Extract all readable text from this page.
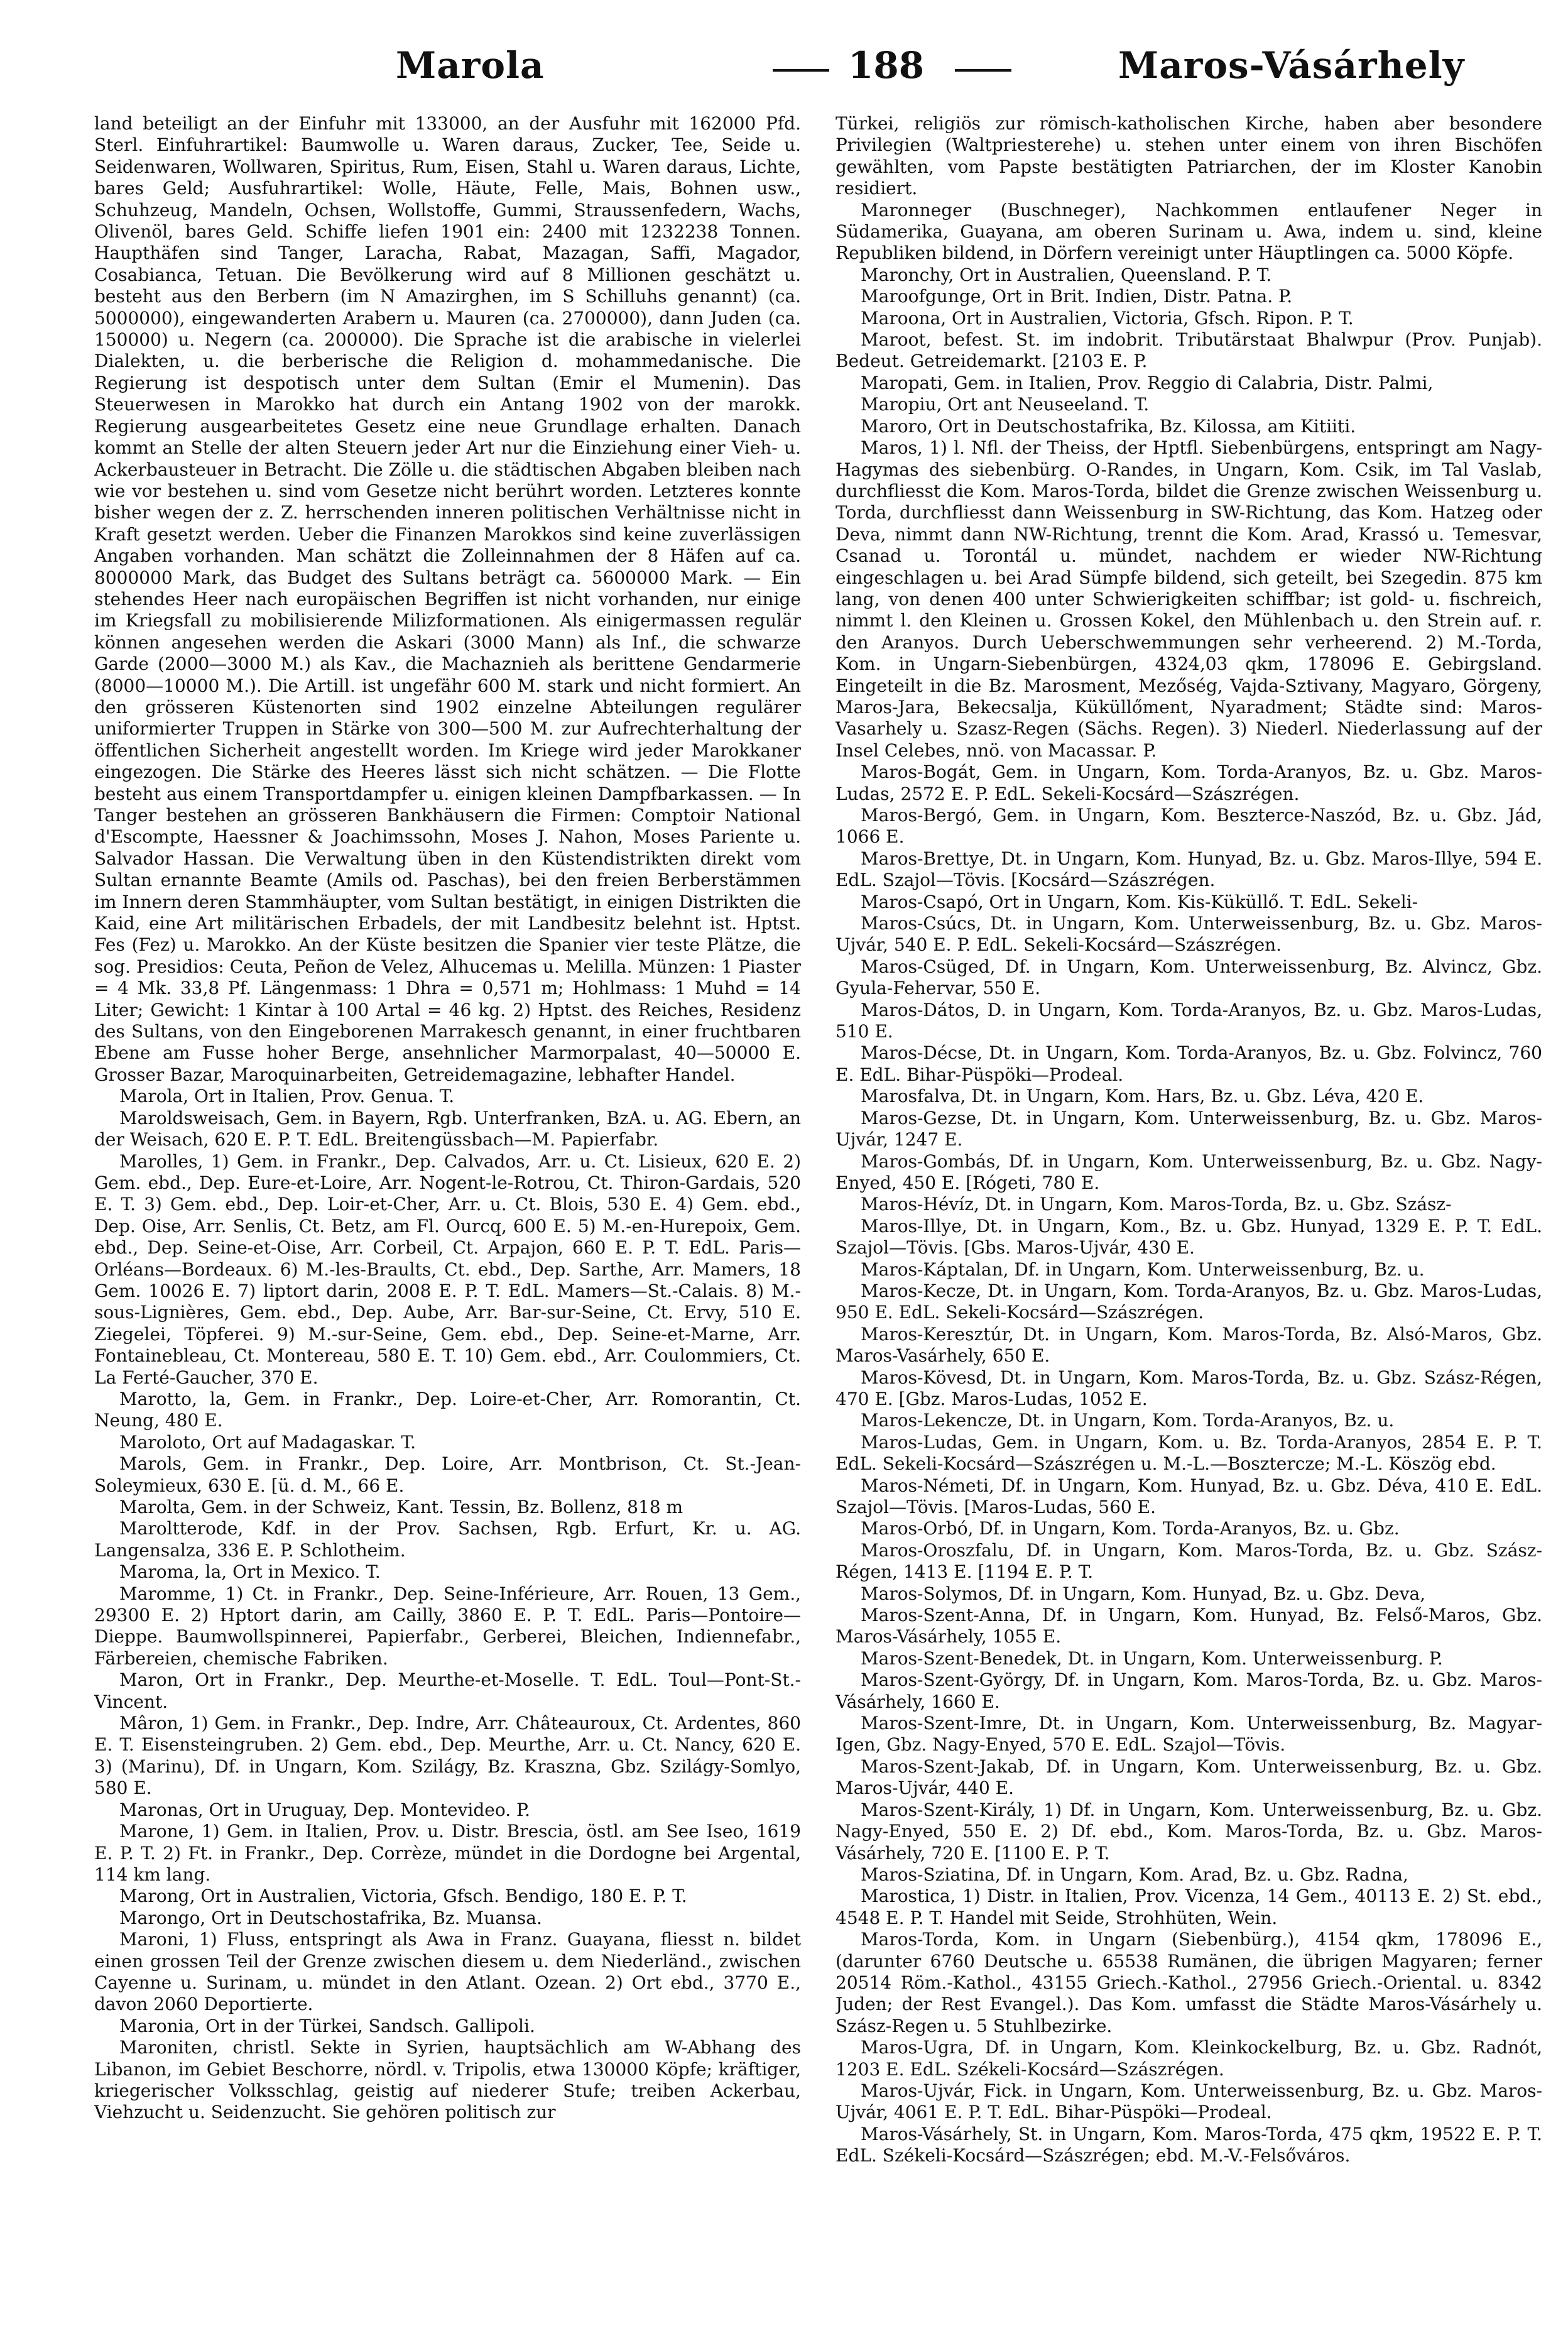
Marola	188	Maros-Vásárhely

land beteiligt an der Einfuhr mit 133000, an der Ausfuhr mit 162000 Pfd. Sterl. Einfuhrartikel: Baumwolle u. Waren daraus, Zucker, Tee, Seide u. Seidenwaren, Wollwaren, Spiritus, Rum, Eisen, Stahl u. Waren daraus, Lichte, bares Geld; Ausfuhrartikel: Wolle, Häute, Felle, Mais, Bohnen usw., Schuhzeug, Mandeln, Ochsen, Wollstoffe, Gummi, Straussenfedern, Wachs, Olivenöl, bares Geld. Schiffe liefen 1901 ein: 2400 mit 1232238 Tonnen. Haupthäfen sind Tanger, Laracha, Rabat, Mazagan, Saffi, Magador, Cosabianca, Tetuan. Die Bevölkerung wird auf 8 Millionen geschätzt u. besteht aus den Berbern (im N Amazirghen, im S Schilluhs genannt) (ca. 5000000), eingewanderten Arabern u. Mauren (ca. 2700000), dann Juden (ca. 150000) u. Negern (ca. 200000). Die Sprache ist die arabische in vielerlei Dialekten, u. die berberische die Religion d. mohammedanische. Die Regierung ist despotisch unter dem Sultan (Emir el Mumenin). Das Steuerwesen in Marokko hat durch ein Antang 1902 von der marokk. Regierung ausgearbeitetes Gesetz eine neue Grundlage erhalten. Danach kommt an Stelle der alten Steuern jeder Art nur die Einziehung einer Vieh- u. Ackerbausteuer in Betracht. Die Zölle u. die städtischen Abgaben bleiben nach wie vor bestehen u. sind vom Gesetze nicht berührt worden. Letzteres konnte bisher wegen der z. Z. herrschenden inneren politischen Verhältnisse nicht in Kraft gesetzt werden. Ueber die Finanzen Marokkos sind keine zuverlässigen Angaben vorhanden. Man schätzt die Zolleinnahmen der 8 Häfen auf ca. 8000000 Mark, das Budget des Sultans beträgt ca. 5600000 Mark. — Ein stehendes Heer nach europäischen Begriffen ist nicht vorhanden, nur einige im Kriegsfall zu mobilisierende Milizformationen. Als einigermassen regulär können angesehen werden die Askari (3000 Mann) als Inf., die schwarze Garde (2000—3000 M.) als Kav., die Machaznieh als berittene Gendarmerie (8000—10000 M.). Die Artill. ist ungefähr 600 M. stark und nicht formiert. An den grösseren Küstenorten sind 1902 einzelne Abteilungen regulärer uniformierter Truppen in Stärke von 300—500 M. zur Aufrechterhaltung der öffentlichen Sicherheit angestellt worden. Im Kriege wird jeder Marokkaner eingezogen. Die Stärke des Heeres lässt sich nicht schätzen. — Die Flotte besteht aus einem Transportdampfer u. einigen kleinen Dampfbarkassen. — In Tanger bestehen an grösseren Bankhäusern die Firmen: Comptoir National d'Escompte, Haessner & Joachimssohn, Moses J. Nahon, Moses Pariente u. Salvador Hassan. Die Verwaltung üben in den Küstendistrikten direkt vom Sultan ernannte Beamte (Amils od. Paschas), bei den freien Berberstämmen im Innern deren Stammhäupter, vom Sultan bestätigt, in einigen Distrikten die Kaid, eine Art militärischen Erbadels, der mit Landbesitz belehnt ist. Hptst. Fes (Fez) u. Marokko. An der Küste besitzen die Spanier vier teste Plätze, die sog. Presidios: Ceuta, Peñon de Velez, Alhucemas u. Melilla. Münzen: 1 Piaster = 4 Mk. 33,8 Pf. Längenmass: 1 Dhra = 0,571 m; Hohlmass: 1 Muhd = 14 Liter; Gewicht: 1 Kintar à 100 Artal = 46 kg. 2) Hptst. des Reiches, Residenz des Sultans, von den Eingeborenen Marrakesch genannt, in einer fruchtbaren Ebene am Fusse hoher Berge, ansehnlicher Marmorpalast, 40—50000 E. Grosser Bazar, Maroquinarbeiten, Getreidemagazine, lebhafter Handel.

Marola, Ort in Italien, Prov. Genua. T.

Maroldsweisach, Gem. in Bayern, Rgb. Unterfranken, BzA. u. AG. Ebern, an der Weisach, 620 E. P. T. EdL. Breitengüssbach—M. Papierfabr.

Marolles, 1) Gem. in Frankr., Dep. Calvados, Arr. u. Ct. Lisieux, 620 E. 2) Gem. ebd., Dep. Eure-et-Loire, Arr. Nogent-le-Rotrou, Ct. Thiron-Gardais, 520 E. T. 3) Gem. ebd., Dep. Loir-et-Cher, Arr. u. Ct. Blois, 530 E. 4) Gem. ebd., Dep. Oise, Arr. Senlis, Ct. Betz, am Fl. Ourcq, 600 E. 5) M.-en-Hurepoix, Gem. ebd., Dep. Seine-et-Oise, Arr. Corbeil, Ct. Arpajon, 660 E. P. T. EdL. Paris—Orléans—Bordeaux. 6) M.-les-Braults, Ct. ebd., Dep. Sarthe, Arr. Mamers, 18 Gem. 10026 E. 7) liptort darin, 2008 E. P. T. EdL. Mamers—St.-Calais. 8) M.-sous-Lignières, Gem. ebd., Dep. Aube, Arr. Bar-sur-Seine, Ct. Ervy, 510 E. Ziegelei, Töpferei. 9) M.-sur-Seine, Gem. ebd., Dep. Seine-et-Marne, Arr. Fontainebleau, Ct. Montereau, 580 E. T. 10) Gem. ebd., Arr. Coulommiers, Ct. La Ferté-Gaucher, 370 E.

Marotto, la, Gem. in Frankr., Dep. Loire-et-Cher, Arr. Romorantin, Ct. Neung, 480 E.

Maroloto, Ort auf Madagaskar. T.

Marols, Gem. in Frankr., Dep. Loire, Arr. Montbrison, Ct. St.-Jean-Soleymieux, 630 E. [ü. d. M., 66 E.

Marolta, Gem. in der Schweiz, Kant. Tessin, Bz. Bollenz, 818 m

Maroltterode, Kdf. in der Prov. Sachsen, Rgb. Erfurt, Kr. u. AG. Langensalza, 336 E. P. Schlotheim.

Maroma, la, Ort in Mexico. T.

Maromme, 1) Ct. in Frankr., Dep. Seine-Inférieure, Arr. Rouen, 13 Gem., 29300 E. 2) Hptort darin, am Cailly, 3860 E. P. T. EdL. Paris—Pontoire—Dieppe. Baumwollspinnerei, Papierfabr., Gerberei, Bleichen, Indiennefabr., Färbereien, chemische Fabriken.

Maron, Ort in Frankr., Dep. Meurthe-et-Moselle. T. EdL. Toul—Pont-St.-Vincent.

Mâron, 1) Gem. in Frankr., Dep. Indre, Arr. Châteauroux, Ct. Ardentes, 860 E. T. Eisensteingruben. 2) Gem. ebd., Dep. Meurthe, Arr. u. Ct. Nancy, 620 E. 3) (Marinu), Df. in Ungarn, Kom. Szilágy, Bz. Kraszna, Gbz. Szilágy-Somlyo, 580 E.

Maronas, Ort in Uruguay, Dep. Montevideo. P.

Marone, 1) Gem. in Italien, Prov. u. Distr. Brescia, östl. am See Iseo, 1619 E. P. T. 2) Ft. in Frankr., Dep. Corrèze, mündet in die Dordogne bei Argental, 114 km lang.

Marong, Ort in Australien, Victoria, Gfsch. Bendigo, 180 E. P. T.

Marongo, Ort in Deutschostafrika, Bz. Muansa.

Maroni, 1) Fluss, entspringt als Awa in Franz. Guayana, fliesst n. bildet einen grossen Teil der Grenze zwischen diesem u. dem Niederländ., zwischen Cayenne u. Surinam, u. mündet in den Atlant. Ozean. 2) Ort ebd., 3770 E., davon 2060 Deportierte.

Maronia, Ort in der Türkei, Sandsch. Gallipoli.

Maroniten, christl. Sekte in Syrien, hauptsächlich am W-Abhang des Libanon, im Gebiet Beschorre, nördl. v. Tripolis, etwa 130000 Köpfe; kräftiger, kriegerischer Volksschlag, geistig auf niederer Stufe; treiben Ackerbau, Viehzucht u. Seidenzucht. Sie gehören politisch zur

Türkei, religiös zur römisch-katholischen Kirche, haben aber besondere Privilegien (Waltpriesterehe) u. stehen unter einem von ihren Bischöfen gewählten, vom Papste bestätigten Patriarchen, der im Kloster Kanobin residiert.

Maronneger (Buschneger), Nachkommen entlaufener Neger in Südamerika, Guayana, am oberen Surinam u. Awa, indem u. sind, kleine Republiken bildend, in Dörfern vereinigt unter Häuptlingen ca. 5000 Köpfe.

Maronchy, Ort in Australien, Queensland. P. T.

Maroofgunge, Ort in Brit. Indien, Distr. Patna. P.

Maroona, Ort in Australien, Victoria, Gfsch. Ripon. P. T.

Maroot, befest. St. im indobrit. Tributärstaat Bhalwpur (Prov. Punjab). Bedeut. Getreidemarkt. [2103 E. P.

Maropati, Gem. in Italien, Prov. Reggio di Calabria, Distr. Palmi,

Maropiu, Ort ant Neuseeland. T.

Maroro, Ort in Deutschostafrika, Bz. Kilossa, am Kitiiti.

Maros, 1) l. Nfl. der Theiss, der Hptfl. Siebenbürgens, entspringt am Nagy-Hagymas des siebenbürg. O-Randes, in Ungarn, Kom. Csik, im Tal Vaslab, durchfliesst die Kom. Maros-Torda, bildet die Grenze zwischen Weissenburg u. Torda, durchfliesst dann Weissenburg in SW-Richtung, das Kom. Hatzeg oder Deva, nimmt dann NW-Richtung, trennt die Kom. Arad, Krassó u. Temesvar, Csanad u. Torontál u. mündet, nachdem er wieder NW-Richtung eingeschlagen u. bei Arad Sümpfe bildend, sich geteilt, bei Szegedin. 875 km lang, von denen 400 unter Schwierigkeiten schiffbar; ist gold- u. fischreich, nimmt l. den Kleinen u. Grossen Kokel, den Mühlenbach u. den Strein auf. r. den Aranyos. Durch Ueberschwemmungen sehr verheerend. 2) M.-Torda, Kom. in Ungarn-Siebenbürgen, 4324,03 qkm, 178096 E. Gebirgsland. Eingeteilt in die Bz. Marosment, Mezőség, Vajda-Sztivany, Magyaro, Görgeny, Maros-Jara, Bekecsalja, Küküllőment, Nyaradment; Städte sind: Maros-Vasarhely u. Szasz-Regen (Sächs. Regen). 3) Niederl. Niederlassung auf der Insel Celebes, nnö. von Macassar. P.

Maros-Bogát, Gem. in Ungarn, Kom. Torda-Aranyos, Bz. u. Gbz. Maros-Ludas, 2572 E. P. EdL. Sekeli-Kocsárd—Szászrégen.

Maros-Bergó, Gem. in Ungarn, Kom. Beszterce-Naszód, Bz. u. Gbz. Jád, 1066 E.

Maros-Brettye, Dt. in Ungarn, Kom. Hunyad, Bz. u. Gbz. Maros-Illye, 594 E. EdL. Szajol—Tövis. [Kocsárd—Szászrégen.

Maros-Csapó, Ort in Ungarn, Kom. Kis-Küküllő. T. EdL. Sekeli-

Maros-Csúcs, Dt. in Ungarn, Kom. Unterweissenburg, Bz. u. Gbz. Maros-Ujvár, 540 E. P. EdL. Sekeli-Kocsárd—Szászrégen.

Maros-Csüged, Df. in Ungarn, Kom. Unterweissenburg, Bz. Alvincz, Gbz. Gyula-Fehervar, 550 E.

Maros-Dátos, D. in Ungarn, Kom. Torda-Aranyos, Bz. u. Gbz. Maros-Ludas, 510 E.

Maros-Décse, Dt. in Ungarn, Kom. Torda-Aranyos, Bz. u. Gbz. Folvincz, 760 E. EdL. Bihar-Püspöki—Prodeal.

Marosfalva, Dt. in Ungarn, Kom. Hars, Bz. u. Gbz. Léva, 420 E.

Maros-Gezse, Dt. in Ungarn, Kom. Unterweissenburg, Bz. u. Gbz. Maros-Ujvár, 1247 E.

Maros-Gombás, Df. in Ungarn, Kom. Unterweissenburg, Bz. u. Gbz. Nagy-Enyed, 450 E. [Rógeti, 780 E.

Maros-Hévíz, Dt. in Ungarn, Kom. Maros-Torda, Bz. u. Gbz. Szász-

Maros-Illye, Dt. in Ungarn, Kom., Bz. u. Gbz. Hunyad, 1329 E. P. T. EdL. Szajol—Tövis. [Gbs. Maros-Ujvár, 430 E.

Maros-Káptalan, Df. in Ungarn, Kom. Unterweissenburg, Bz. u.

Maros-Kecze, Dt. in Ungarn, Kom. Torda-Aranyos, Bz. u. Gbz. Maros-Ludas, 950 E. EdL. Sekeli-Kocsárd—Szászrégen.

Maros-Keresztúr, Dt. in Ungarn, Kom. Maros-Torda, Bz. Alsó-Maros, Gbz. Maros-Vasárhely, 650 E.

Maros-Kövesd, Dt. in Ungarn, Kom. Maros-Torda, Bz. u. Gbz. Szász-Régen, 470 E. [Gbz. Maros-Ludas, 1052 E.

Maros-Lekencze, Dt. in Ungarn, Kom. Torda-Aranyos, Bz. u.

Maros-Ludas, Gem. in Ungarn, Kom. u. Bz. Torda-Aranyos, 2854 E. P. T. EdL. Sekeli-Kocsárd—Szászrégen u. M.-L.—Bosztercze; M.-L. Köszög ebd.

Maros-Németi, Df. in Ungarn, Kom. Hunyad, Bz. u. Gbz. Déva, 410 E. EdL. Szajol—Tövis. [Maros-Ludas, 560 E.

Maros-Orbó, Df. in Ungarn, Kom. Torda-Aranyos, Bz. u. Gbz.

Maros-Oroszfalu, Df. in Ungarn, Kom. Maros-Torda, Bz. u. Gbz. Szász-Régen, 1413 E. [1194 E. P. T.

Maros-Solymos, Df. in Ungarn, Kom. Hunyad, Bz. u. Gbz. Deva,

Maros-Szent-Anna, Df. in Ungarn, Kom. Hunyad, Bz. Felső-Maros, Gbz. Maros-Vásárhely, 1055 E.

Maros-Szent-Benedek, Dt. in Ungarn, Kom. Unterweissenburg. P.

Maros-Szent-György, Df. in Ungarn, Kom. Maros-Torda, Bz. u. Gbz. Maros-Vásárhely, 1660 E.

Maros-Szent-Imre, Dt. in Ungarn, Kom. Unterweissenburg, Bz. Magyar-Igen, Gbz. Nagy-Enyed, 570 E. EdL. Szajol—Tövis.

Maros-Szent-Jakab, Df. in Ungarn, Kom. Unterweissenburg, Bz. u. Gbz. Maros-Ujvár, 440 E.

Maros-Szent-Király, 1) Df. in Ungarn, Kom. Unterweissenburg, Bz. u. Gbz. Nagy-Enyed, 550 E. 2) Df. ebd., Kom. Maros-Torda, Bz. u. Gbz. Maros-Vásárhely, 720 E. [1100 E. P. T.

Maros-Sziatina, Df. in Ungarn, Kom. Arad, Bz. u. Gbz. Radna,

Marostica, 1) Distr. in Italien, Prov. Vicenza, 14 Gem., 40113 E. 2) St. ebd., 4548 E. P. T. Handel mit Seide, Strohhüten, Wein.

Maros-Torda, Kom. in Ungarn (Siebenbürg.), 4154 qkm, 178096 E., (darunter 6760 Deutsche u. 65538 Rumänen, die übrigen Magyaren; ferner 20514 Röm.-Kathol., 43155 Griech.-Kathol., 27956 Griech.-Oriental. u. 8342 Juden; der Rest Evangel.). Das Kom. umfasst die Städte Maros-Vásárhely u. Szász-Regen u. 5 Stuhlbezirke.

Maros-Ugra, Df. in Ungarn, Kom. Kleinkockelburg, Bz. u. Gbz. Radnót, 1203 E. EdL. Székeli-Kocsárd—Szászrégen.

Maros-Ujvár, Fick. in Ungarn, Kom. Unterweissenburg, Bz. u. Gbz. Maros-Ujvár, 4061 E. P. T. EdL. Bihar-Püspöki—Prodeal.

Maros-Vásárhely, St. in Ungarn, Kom. Maros-Torda, 475 qkm, 19522 E. P. T. EdL. Székeli-Kocsárd—Szászrégen; ebd. M.-V.-Felsőváros.
